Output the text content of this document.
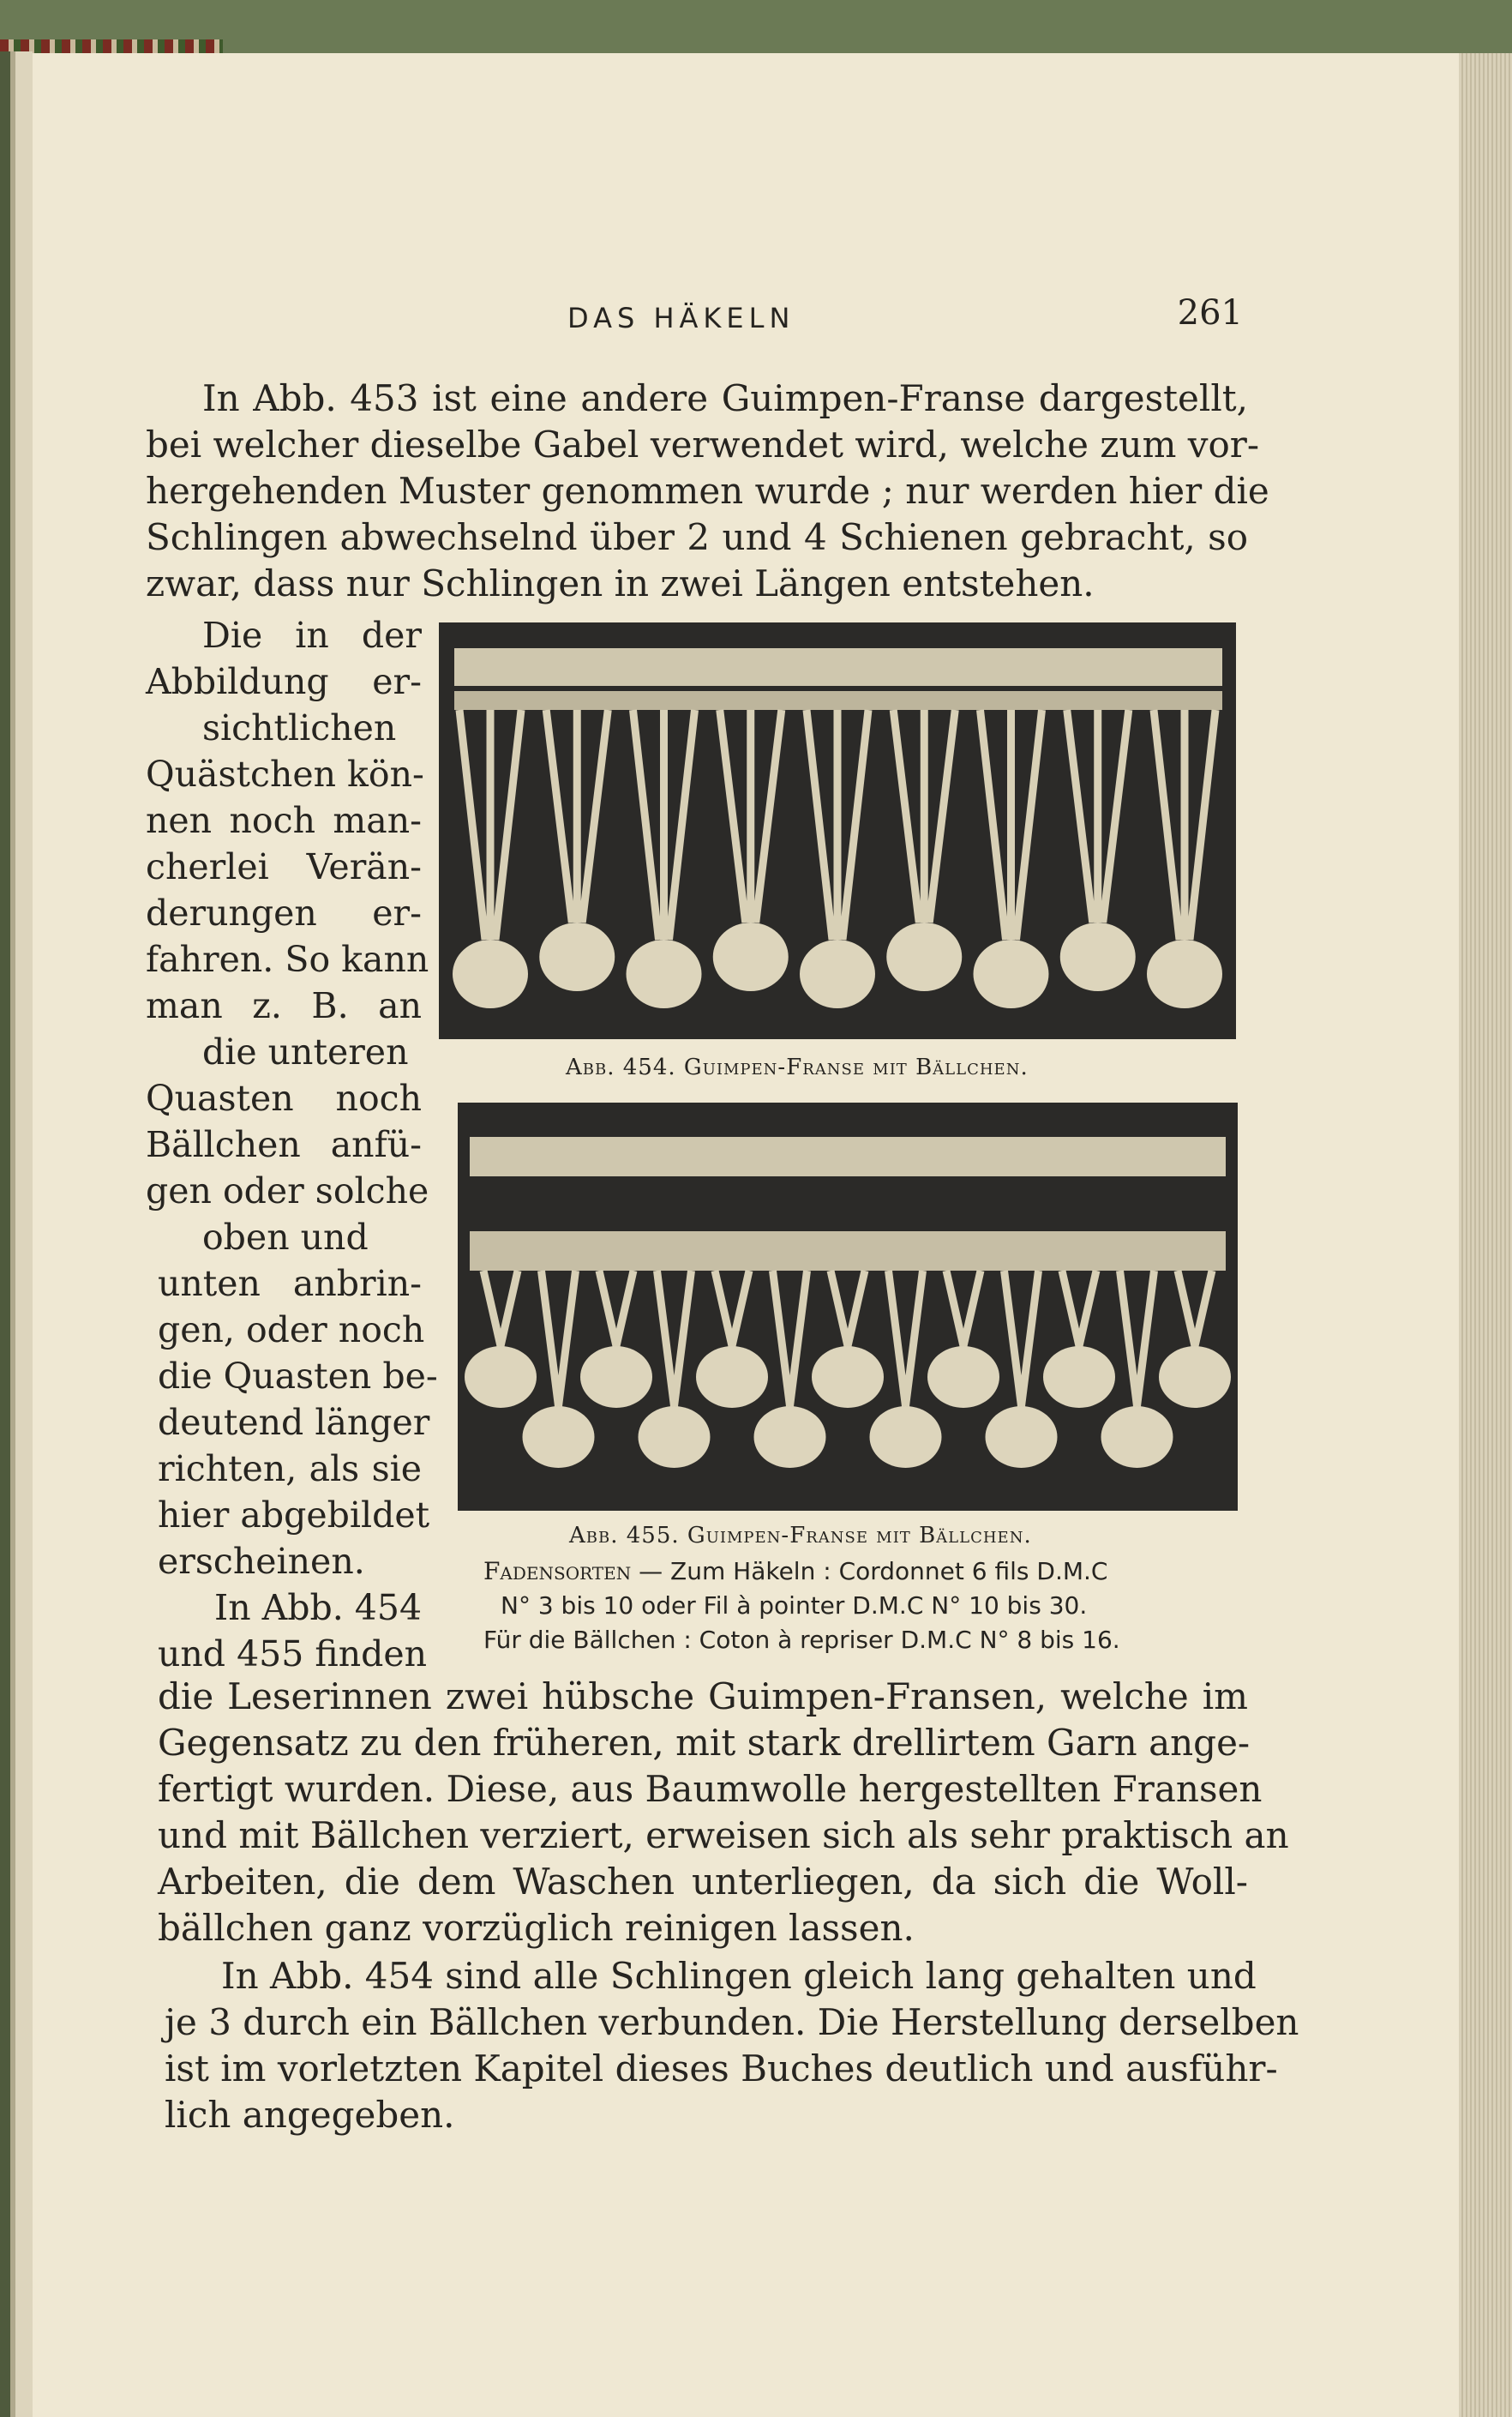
DAS HÄKELN	261
In Abb. 453 ist eine andere Guimpen-Franse dargestellt,
bei welcher dieselbe Gabel verwendet wird, welche zum vor-
hergehenden Muster genommen wurde ; nur werden hier die
Schlingen abwechselnd über 2 und 4 Schienen gebracht, so
zwar, dass nur Schlingen in zwei Längen entstehen.
Die in der
Abbildung er-
sichtlichen
Quästchen kön-
nen noch man-
cherlei Verän-
derungen er-
fahren. So kann
man z. B. an
die unteren
Quasten noch
Bällchen anfü-
gen oder solche
oben und
unten anbrin-
gen, oder noch
die Quasten be-
deutend länger
richten, als sie
hier abgebildet
erscheinen.
In Abb. 454
und 455 finden
Abb. 454. Guimpen-Franse mit Bällchen.
Abb. 455. Guimpen-Franse mit Bällchen.
Fadensorten — Zum Häkeln : Cordonnet 6 fils D.M.C
N° 3 bis 10 oder Fil à pointer D.M.C N° 10 bis 30.
Für die Bällchen : Coton à repriser D.M.C N° 8 bis 16.
die Leserinnen zwei hübsche Guimpen-Fransen, welche im
Gegensatz zu den früheren, mit stark drellirtem Garn ange-
fertigt wurden. Diese, aus Baumwolle hergestellten Fransen
und mit Bällchen verziert, erweisen sich als sehr praktisch an
Arbeiten, die dem Waschen unterliegen, da sich die Woll-
bällchen ganz vorzüglich reinigen lassen.
In Abb. 454 sind alle Schlingen gleich lang gehalten und
je 3 durch ein Bällchen verbunden. Die Herstellung derselben
ist im vorletzten Kapitel dieses Buches deutlich und ausführ-
lich angegeben.
